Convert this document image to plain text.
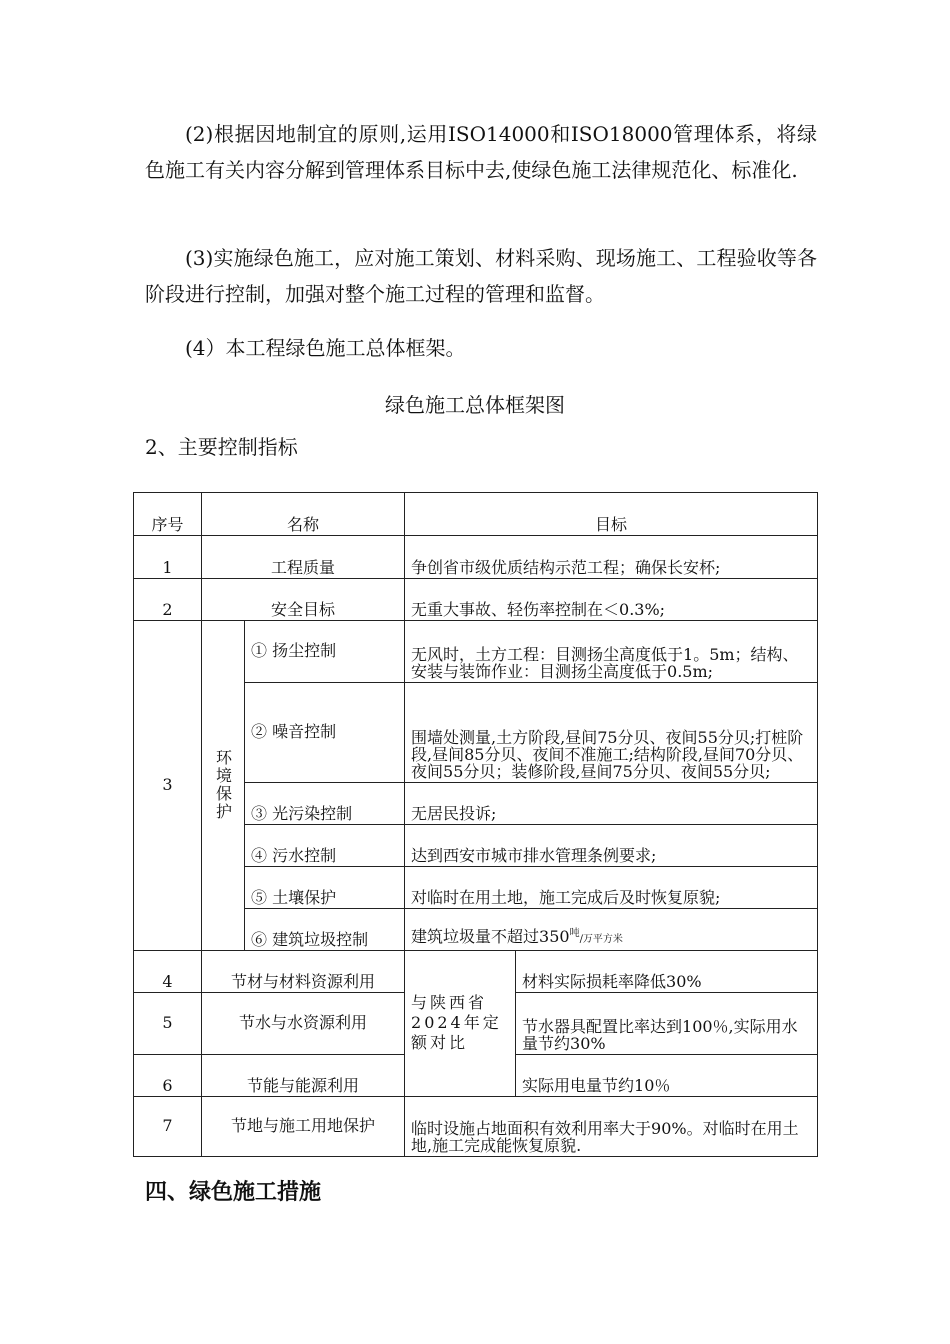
(2)根据因地制宜的原则,运用ISO14000和ISO18000管理体系，将绿色施工有关内容分解到管理体系目标中去,使绿色施工法律规范化、标准化.

(3)实施绿色施工，应对施工策划、材料采购、现场施工、工程验收等各阶段进行控制，加强对整个施工过程的管理和监督。

(4）本工程绿色施工总体框架。

绿色施工总体框架图

2、主要控制指标

序号	名称		目标	
1	工程质量		争创省市级优质结构示范工程；确保长安杯;	
2	安全目标		无重大事故、轻伤率控制在＜0.3%;	
3	环境保护	① 扬尘控制	无风时，土方工程：目测扬尘高度低于1。5m；结构、安装与装饰作业：目测扬尘高度低于0.5m;	
		② 噪音控制	围墙处测量,土方阶段,昼间75分贝、夜间55分贝;打桩阶段,昼间85分贝、夜间不准施工;结构阶段,昼间70分贝、夜间55分贝；装修阶段,昼间75分贝、夜间55分贝;	
		③ 光污染控制	无居民投诉;	
		④ 污水控制	达到西安市城市排水管理条例要求;	
		⑤ 土壤保护	对临时在用土地，施工完成后及时恢复原貌;	
		⑥ 建筑垃圾控制	建筑垃圾量不超过$350^吨/$万平方米	
4	节材与材料资源利用		与陕西省2024年定额对比	材料实际损耗率降低30%
5	节水与水资源利用			节水器具配置比率达到100％,实际用水量节约30%
6	节能与能源利用			实际用电量节约10％
7	节地与施工用地保护		临时设施占地面积有效利用率大于90%。对临时在用土地,施工完成能恢复原貌.	

四、绿色施工措施
